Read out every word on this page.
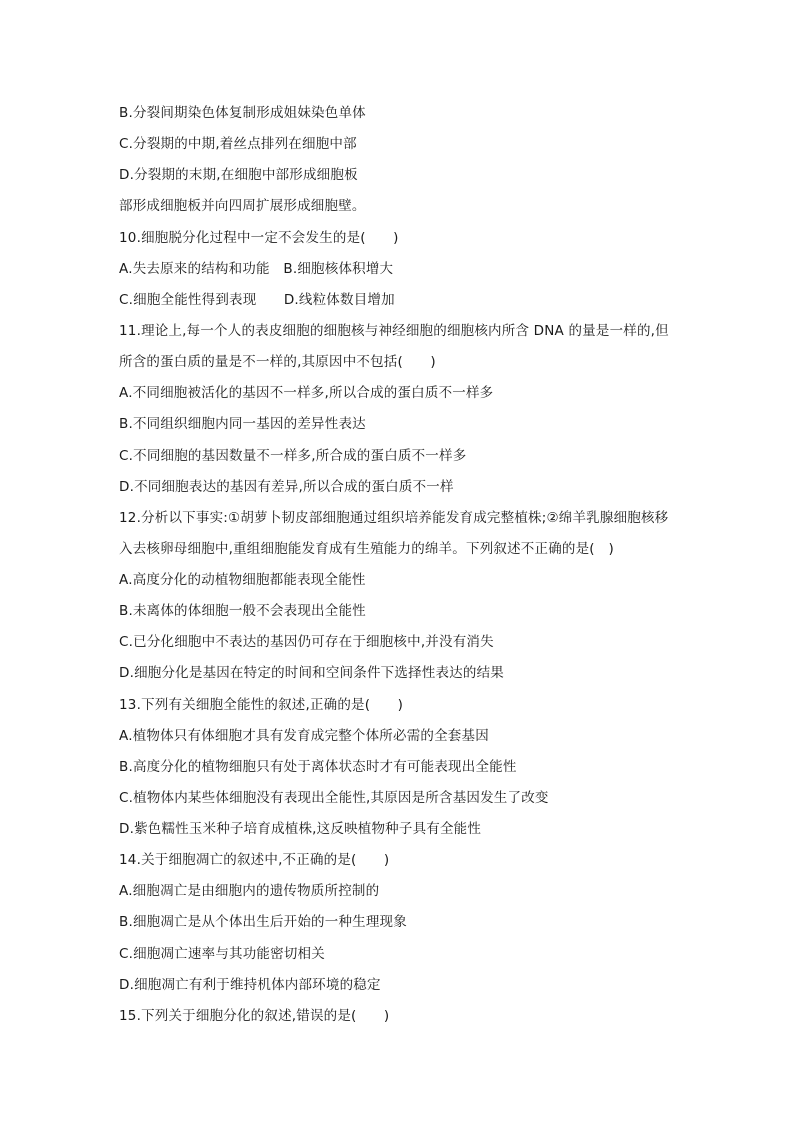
B.分裂间期染色体复制形成姐妹染色单体
C.分裂期的中期,着丝点排列在细胞中部
D.分裂期的末期,在细胞中部形成细胞板
部形成细胞板并向四周扩展形成细胞壁。
10.细胞脱分化过程中一定不会发生的是(　　)
A.失去原来的结构和功能　B.细胞核体积增大
C.细胞全能性得到表现　　D.线粒体数目增加
11.理论上,每一个人的表皮细胞的细胞核与神经细胞的细胞核内所含 DNA 的量是一样的,但
所含的蛋白质的量是不一样的,其原因中不包括(　　)
A.不同细胞被活化的基因不一样多,所以合成的蛋白质不一样多
B.不同组织细胞内同一基因的差异性表达
C.不同细胞的基因数量不一样多,所合成的蛋白质不一样多
D.不同细胞表达的基因有差异,所以合成的蛋白质不一样
12.分析以下事实:①胡萝卜韧皮部细胞通过组织培养能发育成完整植株;②绵羊乳腺细胞核移
入去核卵母细胞中,重组细胞能发育成有生殖能力的绵羊。下列叙述不正确的是(　)
A.高度分化的动植物细胞都能表现全能性
B.未离体的体细胞一般不会表现出全能性
C.已分化细胞中不表达的基因仍可存在于细胞核中,并没有消失
D.细胞分化是基因在特定的时间和空间条件下选择性表达的结果
13.下列有关细胞全能性的叙述,正确的是(　　)
A.植物体只有体细胞才具有发育成完整个体所必需的全套基因
B.高度分化的植物细胞只有处于离体状态时才有可能表现出全能性
C.植物体内某些体细胞没有表现出全能性,其原因是所含基因发生了改变
D.紫色糯性玉米种子培育成植株,这反映植物种子具有全能性
14.关于细胞凋亡的叙述中,不正确的是(　　)
A.细胞凋亡是由细胞内的遗传物质所控制的
B.细胞凋亡是从个体出生后开始的一种生理现象
C.细胞凋亡速率与其功能密切相关
D.细胞凋亡有利于维持机体内部环境的稳定
15.下列关于细胞分化的叙述,错误的是(　　)
